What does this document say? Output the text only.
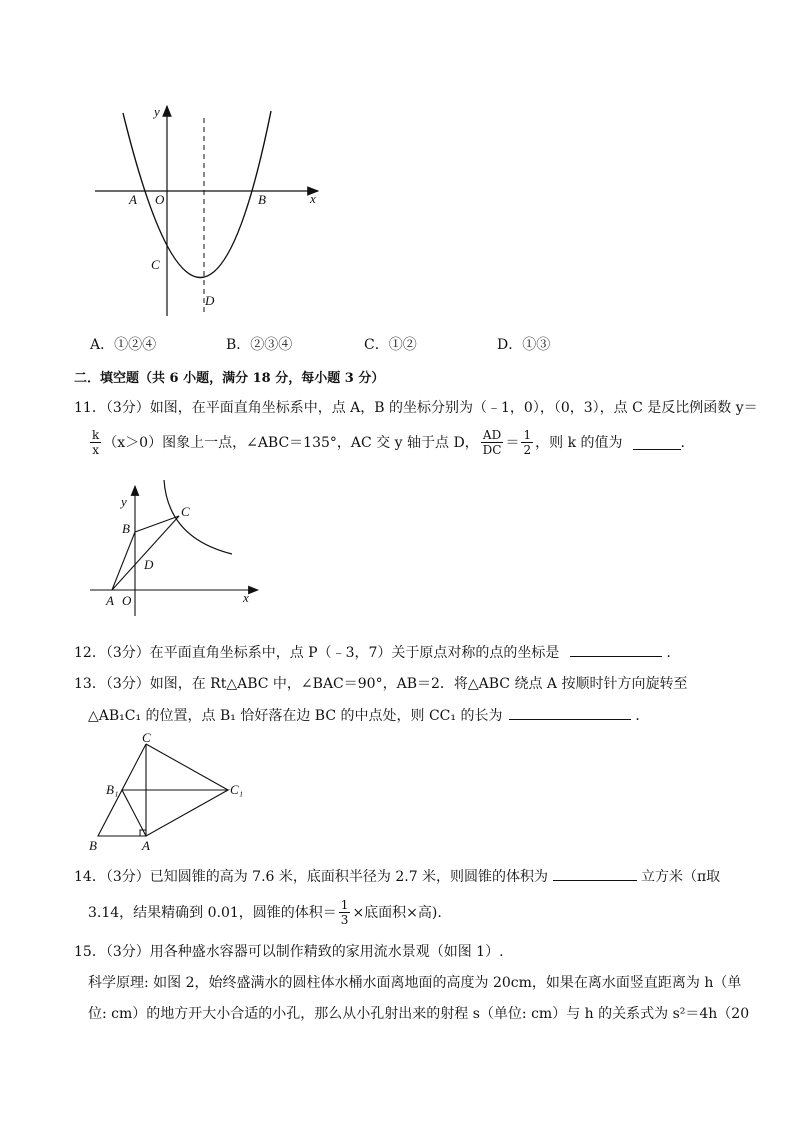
y
x
A O	B
C
D
A．①②④	B．②③④	C．①②	D．①③
二．填空题（共 6 小题，满分 18 分，每小题 3 分）
11．（3分）如图，在平面直角坐标系中，点 A，B 的坐标分别为（﹣1，0），（0，3），点 C 是反比例函数 y＝
$\frac{k}{x} (x>0)$图象上一点，∠ABC＝135°，AC 交 y 轴于点 D， $\frac{AD}{DC} = \frac{1}{2}$ ，则 k 的值为	.
y
B
C
D
A O	x
12．（3分）在平面直角坐标系中，点 P（﹣3，7）关于原点对称的点的坐标是	.
13．（3分）如图，在 Rt△ABC 中，∠BAC＝90°，AB＝2．将△ABC 绕点 A 按顺时针方向旋转至
△AB₁C₁ 的位置，点 B₁ 恰好落在边 BC 的中点处，则 CC₁ 的长为	．
C
B₁	C₁
B	A
14．（3分）已知圆锥的高为 7.6 米，底面积半径为 2.7 米，则圆锥的体积为	立方米（π取
3.14，结果精确到 0.01，圆锥的体积＝ $\frac{1}{3}$ ×底面积×高).
15．（3分）用各种盛水容器可以制作精致的家用流水景观（如图 1）.
科学原理: 如图 2，始终盛满水的圆柱体水桶水面离地面的高度为 20cm，如果在离水面竖直距离为 h（单
位: cm）的地方开大小合适的小孔，那么从小孔射出来的射程 s（单位: cm）与 h 的关系式为 s²＝4h（20
